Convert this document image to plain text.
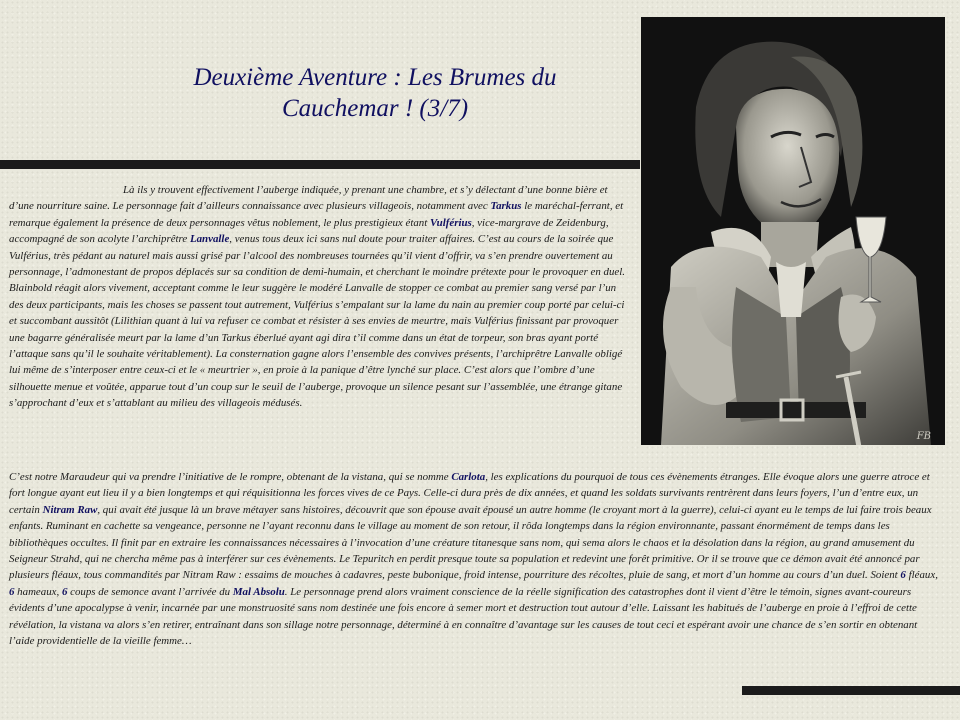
Deuxième Aventure : Les Brumes du Cauchemar ! (3/7)
FB

Là ils y trouvent effectivement l’auberge indiquée, y prenant une chambre, et s’y délectant d’une bonne bière et d’une nourriture saine. Le personnage fait d’ailleurs connaissance avec plusieurs villageois, notamment avec Tarkus le maréchal-ferrant, et remarque également la présence de deux personnages vêtus noblement, le plus prestigieux étant Vulférius, vice-margrave de Zeidenburg, accompagné de son acolyte l’archiprêtre Lanvalle, venus tous deux ici sans nul doute pour traiter affaires. C’est au cours de la soirée que Vulférius, très pédant au naturel mais aussi grisé par l’alcool des nombreuses tournées qu’il vient d’offrir, va s’en prendre ouvertement au personnage, l’admonestant de propos déplacés sur sa condition de demi-humain, et cherchant le moindre prétexte pour le provoquer en duel. Blainbold réagit alors vivement, acceptant comme le leur suggère le modéré Lanvalle de stopper ce combat au premier sang versé par l’un des deux participants, mais les choses se passent tout autrement, Vulférius s’empalant sur la lame du nain au premier coup porté par celui-ci et succombant aussitôt (Lilithian quant à lui va refuser ce combat et résister à ses envies de meurtre, mais Vulférius finissant par provoquer une bagarre généralisée meurt par la lame d’un Tarkus éberlué ayant agi dira t’il comme dans un état de torpeur, son bras ayant porté l’attaque sans qu’il le souhaite véritablement). La consternation gagne alors l’ensemble des convives présents, l’archiprêtre Lanvalle obligé lui même de s’interposer entre ceux-ci et le « meurtrier », en proie à la panique d’être lynché sur place. C’est alors que l’ombre d’une silhouette menue et voûtée, apparue tout d’un coup sur le seuil de l’auberge, provoque un silence pesant sur l’assemblée, une étrange gitane s’approchant d’eux et s’attablant au milieu des villageois médusés.

C’est notre Maraudeur qui va prendre l’initiative de le rompre, obtenant de la vistana, qui se nomme Carlota, les explications du pourquoi de tous ces évènements étranges. Elle évoque alors une guerre atroce et fort longue ayant eut lieu il y a bien longtemps et qui réquisitionna les forces vives de ce Pays. Celle-ci dura près de dix années, et quand les soldats survivants rentrèrent dans leurs foyers, l’un d’entre eux, un certain Nitram Raw, qui avait été jusque là un brave métayer sans histoires, découvrit que son épouse avait épousé un autre homme (le croyant mort à la guerre), celui-ci ayant eu le temps de lui faire trois beaux enfants. Ruminant en cachette sa vengeance, personne ne l’ayant reconnu dans le village au moment de son retour, il rôda longtemps dans la région environnante, passant énormément de temps dans les bibliothèques occultes. Il finit par en extraire les connaissances nécessaires à l’invocation d’une créature titanesque sans nom, qui sema alors le chaos et la désolation dans la région, au grand amusement du Seigneur Strahd, qui ne chercha même pas à interférer sur ces évènements. Le Tepuritch en perdit presque toute sa population et redevint une forêt primitive. Or il se trouve que ce démon avait été annoncé par plusieurs fléaux, tous commandités par Nitram Raw : essaims de mouches à cadavres, peste bubonique, froid intense, pourriture des récoltes, pluie de sang, et mort d’un homme au cours d’un duel. Soient 6 fléaux, 6 hameaux, 6 coups de semonce avant l’arrivée du Mal Absolu. Le personnage prend alors vraiment conscience de la réelle signification des catastrophes dont il vient d’être le témoin, signes avant-coureurs évidents d’une apocalypse à venir, incarnée par une monstruosité sans nom destinée une fois encore à semer mort et destruction tout autour d’elle. Laissant les habitués de l’auberge en proie à l’effroi de cette révélation, la vistana va alors s’en retirer, entraînant dans son sillage notre personnage, déterminé à en connaître d’avantage sur les causes de tout ceci et espérant avoir une chance de s’en sortir en obtenant l’aide providentielle de la vieille femme…
